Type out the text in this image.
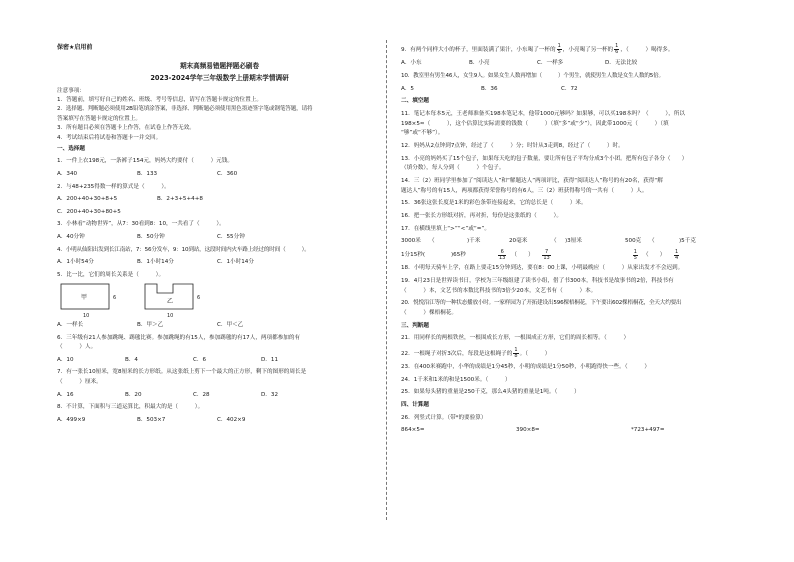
保密★启用前
期末高频易错题押题必刷卷
2023-2024学年三年级数学上册期末学情调研
注意事项：
1．答题前，填写好自己的姓名、班级、考号等信息，请写在答题卡规定的位置上。
2．选择题、判断题必须使用2B铅笔填涂答案，非选择、判断题必须使用黑色墨迹签字笔或钢笔答题，请将
答案填写在答题卡规定的位置上。
3．所有题目必须在答题卡上作答，在试卷上作答无效。
4．考试结束后将试卷和答题卡一并交回。
一、选择题
1．一件上衣198元，一条裤子154元，妈妈大约要付（　　　）元钱。
A．340	B．133	C．360
2．与48+235得数一样的算式是（　　　）。
A．200+40+30+8+5	B．2+3+5+4+8
C．200+40+30+80+5
3．小林看“动物世界”，从7：30看到8：10，一共看了（　　　）。
A．40分钟	B．50分钟	C．55分钟
4．小明从仙阳出发到长江南站，7：56分发车，9：10到站，这段时间内火车路上经过的时间（　　　）。
A．1小时54分	B．1小时14分	C．1小时14分
5．比一比，它们的周长关系是（　　　）。
甲	6
10
乙	6
10
A．一样长	B．甲＞乙	C．甲＜乙
6．三年级有21人参加跳绳、踢毽比赛。参加跳绳的有15人，参加踢毽的有17人，两项都参加的有
（　　　）人。
A．10	B．4	C．6	D．11
7．有一张长10厘米，宽8厘米的长方形纸。从这张纸上剪下一个最大的正方形，剩下的图形的周长是
（　　　）厘米。
A．16	B．20	C．28	D．32
8．不计算，下面积与三道运算比，积最大的是（　　　）。
A．499×9	B．503×7	C．402×9
9．有两个同样大小的杯子，里面装满了果汁，小东喝了一杯的 $\frac{1}{5}$ ，小亮喝了另一杯的 $\frac{1}{6}$ ，（　　　）喝得多。
A．小东	B．小亮	C．一样多	D．无法比较
10．教室里有男生46人，女生9人。如果女生人数再增加（　　　）个男生，就使男生人数是女生人数的5倍。
A．5	B．36	C．72
二、填空题
11．笔记本每本5元，王老师准备买198本笔记本，他带1000元够吗？如果够，可以买198本吗？（　　　），所以
198×5≈（　　　），这个估算比实际需要的钱数（　　　）（填“多”或“少”），因此带1000元（　　　）（填
“够”或“不够”）。
12．妈妈从2点钟到7点钟，经过了（　　　）分；时针从3走到8，经过了（　　　）时。
13．小亮的妈妈买了15个包子，如果每天吃的包子数量，要让所有包子平均分成3个小团。把所有包子各分（　　）
（填分数），每人分到（　　　）个包子。
14．三（2）班同学里参加了“阅读达人”和“解题达人”两项评比，获得“阅读达人”称号的有20名，获得“解
题达人”称号的有15人，两项都获得荣誉称号的有6人，三（2）班获得称号的一共有（　　　）人。
15．36张这张长度是1米的彩色条带连接起来，它的总长是（　　　）米。
16．把一张长方形纸对折，再对折，每份是这张纸的（　　　）。
17．在横线里填上“>”“<”或“=”。
3000米	（	)千米	20毫米	（	)3厘米	500克	（	)5千克
1分15秒(	)65秒	$\frac{6}{13}$ （　　）	$\frac{7}{13}$	$\frac{1}{5}$ （　　）	$\frac{1}{4}$
18．小明每天骑车上学，在路上要走15分钟到达，要在8：00上课，小明最晚应（　　　）从家出发才不会迟到。
19．4月23日是世界读书日，学校为三年级组建了读书小组，借了书300本，科技书是故事书的2倍，科技书有
（　　　）本，文艺书的本数比科技书的3倍少20本，文艺书有（　　　）本。
20．悦悦沿江等的一种状态播放小时。一家样园为了开拓建设出596棵梧桐花，下午要出602棵梧桐花，全天大约要出
（　　　）棵梧桐花。
三、判断题
21．用同样长的两根铁丝，一根围成长方形，一根围成正方形，它们的周长相等。（　　　）
22．一根绳子对折3次后，每段是这根绳子的 $\frac{1}{8}$ 。（　　　）
23．在400米赛跑中，小华的成绩是1分45秒，小明的成绩是1分50秒，小明跑得快一些。（　　　）
24．1千米和1米的和是1500米。（　　　）
25．如果每头猪的重量是250千克，那么4头猪的重量是1吨。（　　　）
四、计算题
26．列竖式计算。（带*的要验算）
864×5=	390×8=	*723+497=
